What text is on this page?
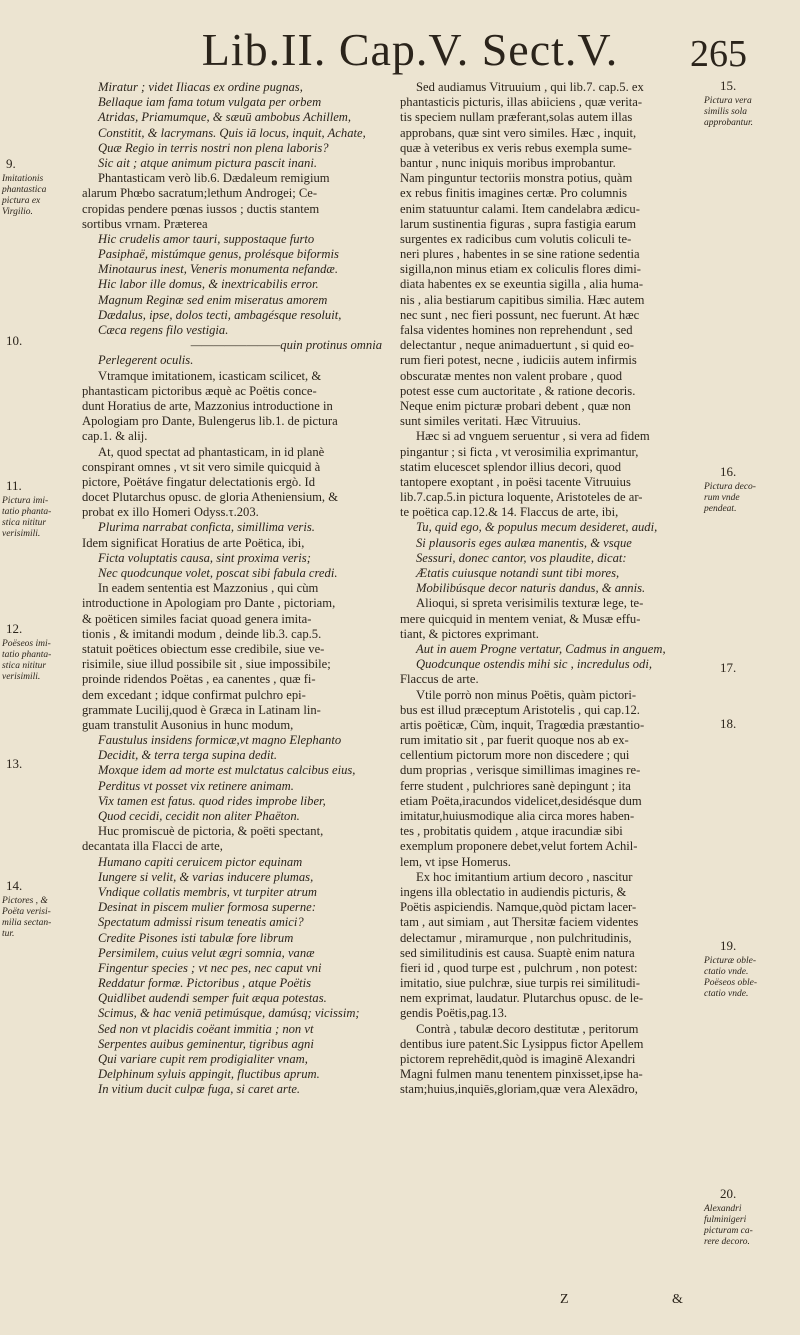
Lib.II. Cap.V. Sect.V. 265
Miratur ; videt Iliacas ex ordine pugnas,
Bellaque iam fama totum vulgata per orbem
Atridas, Priamumque, & sæuū ambobus Achillem,
Constitit, & lacrymans. Quis iā locus, inquit, Achate,
Quæ Regio in terris nostri non plena laboris?
Sic ait ; atque animum pictura pascit inani.
Phantasticam verò lib.6. Dædaleum remigium
alarum Phœbo sacratum;lethum Androgei; Ce-
cropidas pendere pœnas iussos ; ductis stantem
sortibus vrnam. Præterea
Hic crudelis amor tauri, suppostaque furto
Pasiphaë, mistúmque genus, prolésque biformis
Minotaurus inest, Veneris monumenta nefandæ.
Hic labor ille domus, & inextricabilis error.
Magnum Reginæ sed enim miseratus amorem
Dædalus, ipse, dolos tecti, ambagésque resoluit,
Cæca regens filo vestigia.
————————quin protinus omnia
Perlegerent oculis.
Vtramque imitationem, icasticam scilicet, &
phantasticam pictoribus æquè ac Poëtis conce-
dunt Horatius de arte, Mazzonius introductione in
Apologiam pro Dante, Bulengerus lib.1. de pictura
cap.1. & alij.
At, quod spectat ad phantasticam, in id planè
conspirant omnes , vt sit vero simile quicquid à
pictore, Poëtáve fingatur delectationis ergò. Id
docet Plutarchus opusc. de gloria Atheniensium, &
probat ex illo Homeri Odyss.τ.203.
Plurima narrabat conficta, simillima veris.
Idem significat Horatius de arte Poëtica, ibi,
Ficta voluptatis causa, sint proxima veris;
Nec quodcunque volet, poscat sibi fabula credi.
In eadem sententia est Mazzonius , qui cùm
introductione in Apologiam pro Dante , pictoriam,
& poëticen similes faciat quoad genera imita-
tionis , & imitandi modum , deinde lib.3. cap.5.
statuit poëtices obiectum esse credibile, siue ve-
risimile, siue illud possibile sit , siue impossibile;
proinde ridendos Poëtas , ea canentes , quæ fi-
dem excedant ; idque confirmat pulchro epi-
grammate Lucilij,quod è Græca in Latinam lin-
guam transtulit Ausonius in hunc modum,
Faustulus insidens formicæ,vt magno Elephanto
Decidit, & terra terga supina dedit.
Moxque idem ad morte est mulctatus calcibus eius,
Perditus vt posset vix retinere animam.
Vix tamen est fatus. quod rides improbe liber,
Quod cecidi, cecidit non aliter Phaëton.
Huc promiscuè de pictoria, & poëti spectant,
decantata illa Flacci de arte,
Humano capiti ceruicem pictor equinam
Iungere si velit, & varias inducere plumas,
Vndique collatis membris, vt turpiter atrum
Desinat in piscem mulier formosa superne:
Spectatum admissi risum teneatis amici?
Credite Pisones isti tabulæ fore librum
Persimilem, cuius velut ægri somnia, vanæ
Fingentur species ; vt nec pes, nec caput vni
Reddatur formæ. Pictoribus , atque Poëtis
Quidlibet audendi semper fuit æqua potestas.
Scimus, & hac veniā petimúsque, damúsq; vicissim;
Sed non vt placidis coëant immitia ; non vt
Serpentes auibus geminentur, tigribus agni
Qui variare cupit rem prodigialiter vnam,
Delphinum syluis appingit, fluctibus aprum.
In vitium ducit culpæ fuga, si caret arte.
Sed audiamus Vitruuium , qui lib.7. cap.5. ex
phantasticis picturis, illas abiiciens , quæ verita-
tis speciem nullam præferant,solas autem illas
approbans, quæ sint vero similes. Hæc , inquit,
quæ à veteribus ex veris rebus exempla sume-
bantur , nunc iniquis moribus improbantur.
Nam pinguntur tectoriis monstra potius, quàm
ex rebus finitis imagines certæ. Pro columnis
enim statuuntur calami. Item candelabra ædicu-
larum sustinentia figuras , supra fastigia earum
surgentes ex radicibus cum volutis coliculi te-
neri plures , habentes in se sine ratione sedentia
sigilla,non minus etiam ex coliculis flores dimi-
diata habentes ex se exeuntia sigilla , alia huma-
nis , alia bestiarum capitibus similia. Hæc autem
nec sunt , nec fieri possunt, nec fuerunt. At hæc
falsa videntes homines non reprehendunt , sed
delectantur , neque animaduertunt , si quid eo-
rum fieri potest, necne , iudiciis autem infirmis
obscuratæ mentes non valent probare , quod
potest esse cum auctoritate , & ratione decoris.
Neque enim picturæ probari debent , quæ non
sunt similes veritati. Hæc Vitruuius.
Hæc si ad vnguem seruentur , si vera ad fidem
pingantur ; si ficta , vt verosimilia exprimantur,
statim elucescet splendor illius decori, quod
tantopere exoptant , in poësi tacente Vitruuius
lib.7.cap.5.in pictura loquente, Aristoteles de ar-
te poëtica cap.12.& 14. Flaccus de arte, ibi,
Tu, quid ego, & populus mecum desideret, audi,
Si plausoris eges aulæa manentis, & vsque
Sessuri, donec cantor, vos plaudite, dicat:
Ætatis cuiusque notandi sunt tibi mores,
Mobilibúsque decor naturis dandus, & annis.
Alioqui, si spreta verisimilis texturæ lege, te-
mere quicquid in mentem veniat, & Musæ effu-
tiant, & pictores exprimant.
Aut in auem Progne vertatur, Cadmus in anguem,
Quodcunque ostendis mihi sic , incredulus odi,
Flaccus de arte.
Vtile porrò non minus Poëtis, quàm pictori-
bus est illud præceptum Aristotelis , qui cap.12.
artis poëticæ, Cùm, inquit, Tragœdia præstantio-
rum imitatio sit , par fuerit quoque nos ab ex-
cellentium pictorum more non discedere ; qui
dum proprias , verisque simillimas imagines re-
ferre student , pulchriores sanè depingunt ; ita
etiam Poëta,iracundos videlicet,desidésque dum
imitatur,huiusmodique alia circa mores haben-
tes , probitatis quidem , atque iracundiæ sibi
exemplum proponere debet,velut fortem Achil-
lem, vt ipse Homerus.
Ex hoc imitantium artium decoro , nascitur
ingens illa oblectatio in audiendis picturis, &
Poëtis aspiciendis. Namque,quòd pictam lacer-
tam , aut simiam , aut Thersitæ faciem videntes
delectamur , miramurque , non pulchritudinis,
sed similitudinis est causa. Suaptè enim natura
fieri id , quod turpe est , pulchrum , non potest:
imitatio, siue pulchræ, siue turpis rei similitudi-
nem exprimat, laudatur. Plutarchus opusc. de le-
gendis Poëtis,pag.13.
Contrà , tabulæ decoro destitutæ , peritorum
dentibus iure patent.Sic Lysippus fictor Apellem
pictorem reprehēdit,quòd is imaginē Alexandri
Magni fulmen manu tenentem pinxisset,ipse ha-
stam;huius,inquiēs,gloriam,quæ vera Alexādro,
9.
Imitationis
phantastica
pictura ex
Virgilio.
10.
11.
Pictura imi-
tatio phanta-
stica nititur
verisimili.
12.
Poëseos imi-
tatio phanta-
stica nititur
verisimili.
13.
14.
Pictores , &
Poëta verisi-
milia sectan-
tur.
15.
Pictura vera
similis sola
approbantur.
16.
Pictura deco-
rum vnde
pendeat.
17.
18.
19.
Picturæ oble-
ctatio vnde.
Poëseos oble-
ctatio vnde.
20.
Alexandri
fulminigeri
picturam ca-
rere decoro.
Z	&
